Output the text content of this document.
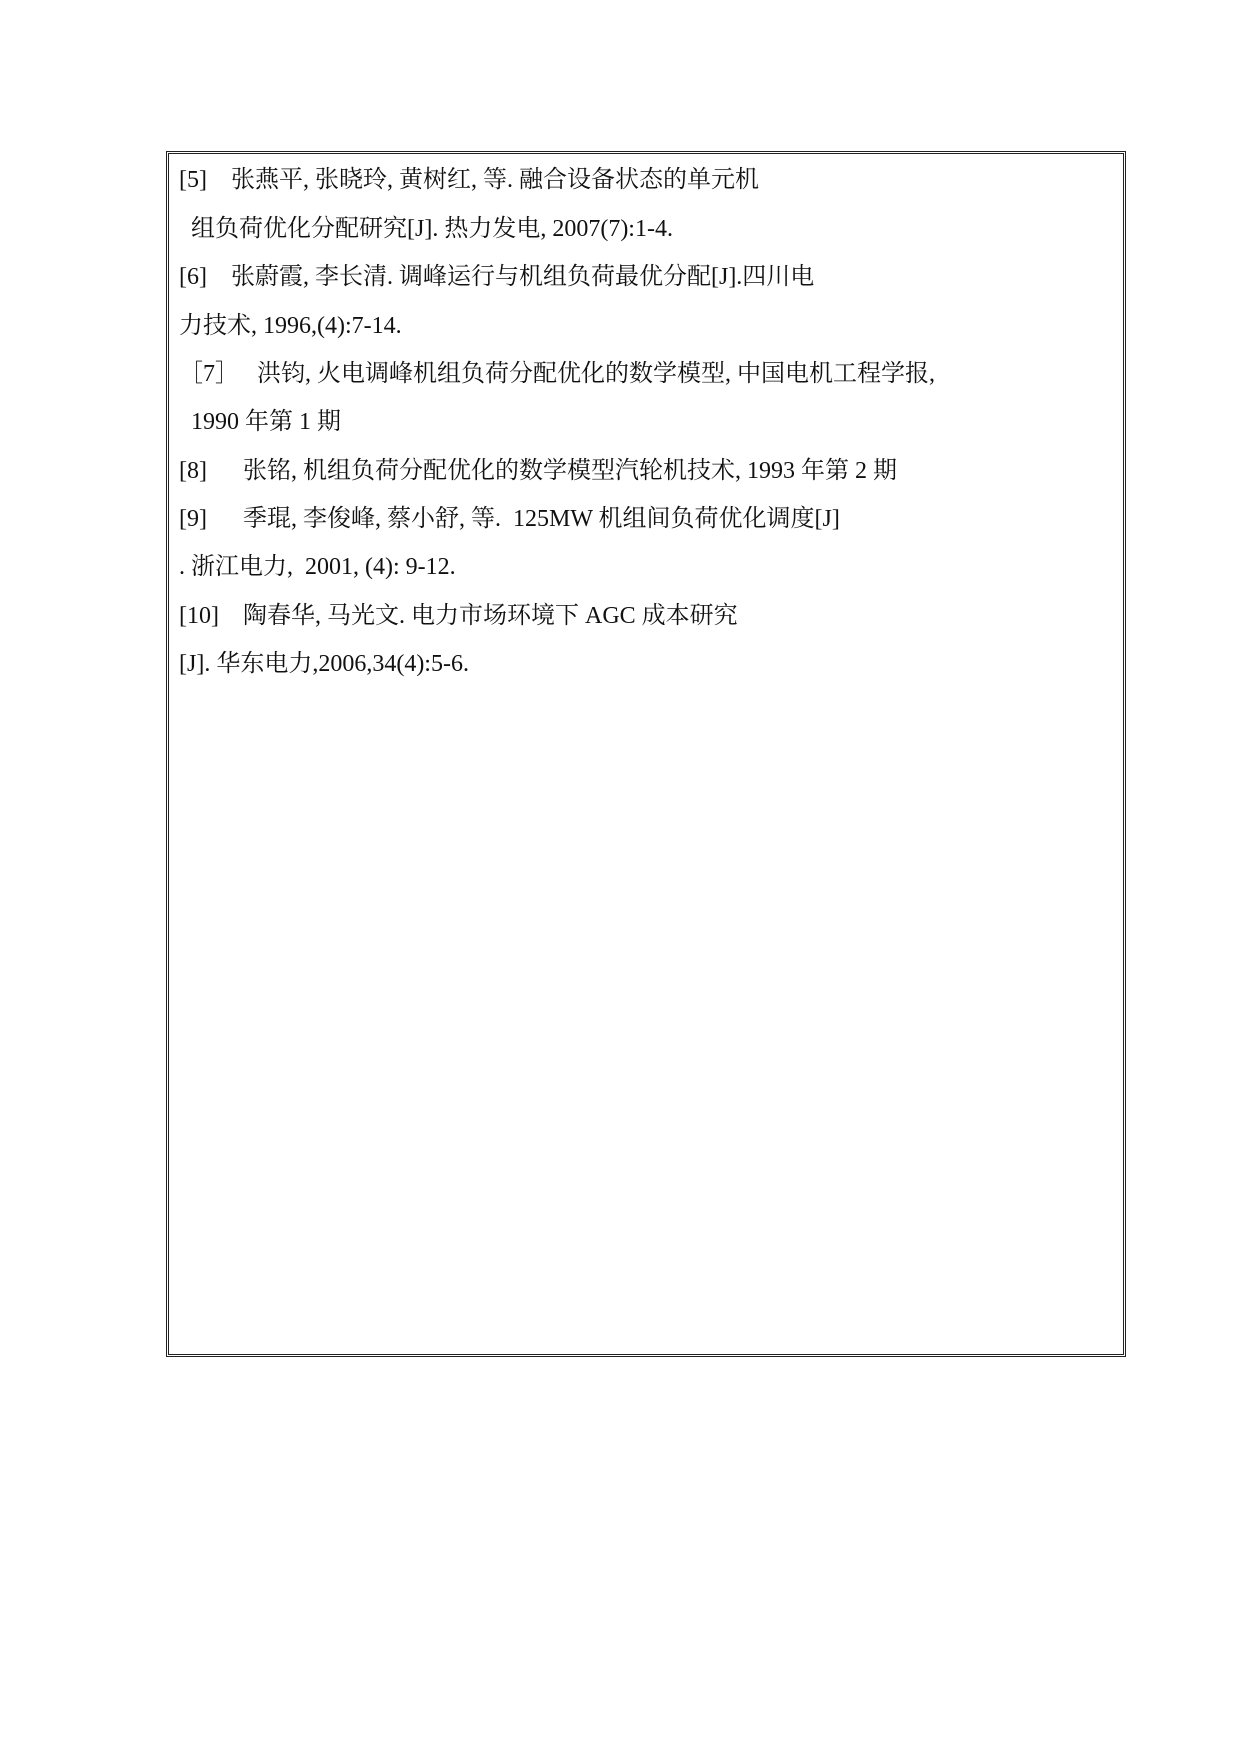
[5]    张燕平, 张晓玲, 黄树红, 等. 融合设备状态的单元机
组负荷优化分配研究[J]. 热力发电, 2007(7):1-4.
[6]    张蔚霞, 李长清. 调峰运行与机组负荷最优分配[J].四川电
力技术, 1996,(4):7-14.
［7］   洪钧, 火电调峰机组负荷分配优化的数学模型, 中国电机工程学报,
1990 年第 1 期
[8]      张铭, 机组负荷分配优化的数学模型汽轮机技术, 1993 年第 2 期
[9]      季琨, 李俊峰, 蔡小舒, 等.  125MW 机组间负荷优化调度[J]
. 浙江电力,  2001, (4): 9-12.
[10]    陶春华, 马光文. 电力市场环境下 AGC 成本研究
[J]. 华东电力,2006,34(4):5-6.
